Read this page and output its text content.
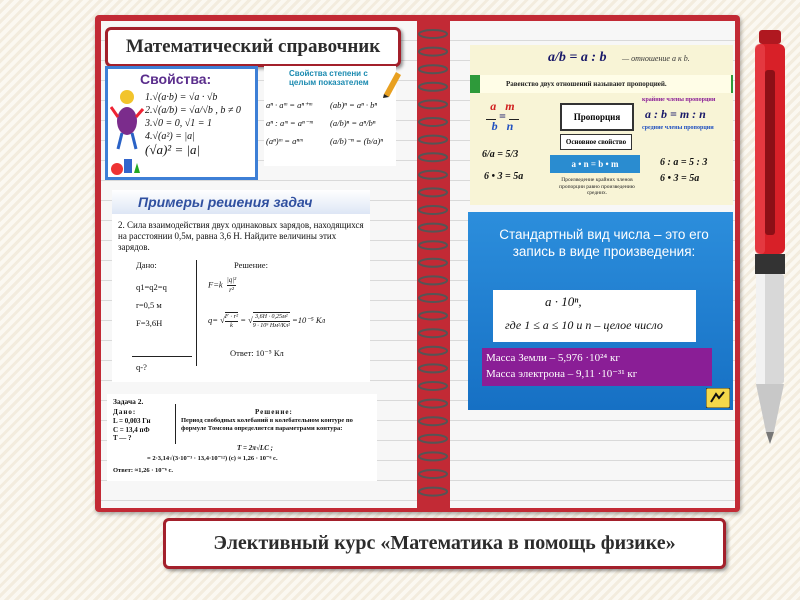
Математический справочник
Свойства:
1.√(a·b) = √a · √b
2.√(a/b) = √a/√b , b ≠ 0
3.√0 = 0, √1 = 1
4.√(a²) = |a|
(√a)² = |a|
Свойства степени с целым показателем
aⁿ · aᵐ = aⁿ⁺ᵐ	(ab)ⁿ = aⁿ · bⁿ
aⁿ : aᵐ = aⁿ⁻ᵐ	(a/b)ⁿ = aⁿ/bⁿ
(aⁿ)ᵐ = aⁿᵐ	(a/b)⁻ⁿ = (b/a)ⁿ
a/b = a : b — отношение a к b.
Равенство двух отношений называют пропорцией.
a m
=
b n
Пропорция
крайние члены пропорции
a : b = m : n
средние члены пропорции
Основное свойство
a • n = b • m
Произведение крайних членов пропорции равно произведению средних.
6/a = 5/3
6 • 3 = 5a
6 : a = 5 : 3
6 • 3 = 5a
Примеры решения задач
2. Сила взаимодействия двух одинаковых зарядов, находящихся на расстоянии 0,5м, равна 3,6 Н. Найдите величины этих зарядов.
Дано:
q1=q2=q
r=0,5 м
F=3,6Н
q-?
Решение:
$F=k \frac{\text{|q|²}}{\text{r²}}$
$q= √\frac{\text{F · r²}}{k}$ = √ 3,6Н · 0,25м²

9 · 10⁹ Нм²/Кл²
=10⁻⁵ Кл
Ответ: 10⁻⁵ Кл
Задача 2.
Дано:
L = 0,003 Гн
C = 13,4 пФ
T — ?
Решение:
Период свободных колебаний в колебательном контуре по формуле Томсона определяется параметрами контура:
T = 2π√LC ;
= 2·3,14√(3·10⁻³ · 13,4·10⁻¹²) (с) ≈ 1,26 · 10⁻⁶ с.
Ответ: ≈1,26 · 10⁻⁶ с.
Стандартный вид числа – это его запись в виде произведения:
a · 10ⁿ,
где 1 ≤ a ≤ 10 и n – целое число
Масса Земли – 5,976 ·10²⁴ кг
Масса электрона – 9,11 ·10⁻³¹ кг
Элективный курс «Математика в помощь физике»
